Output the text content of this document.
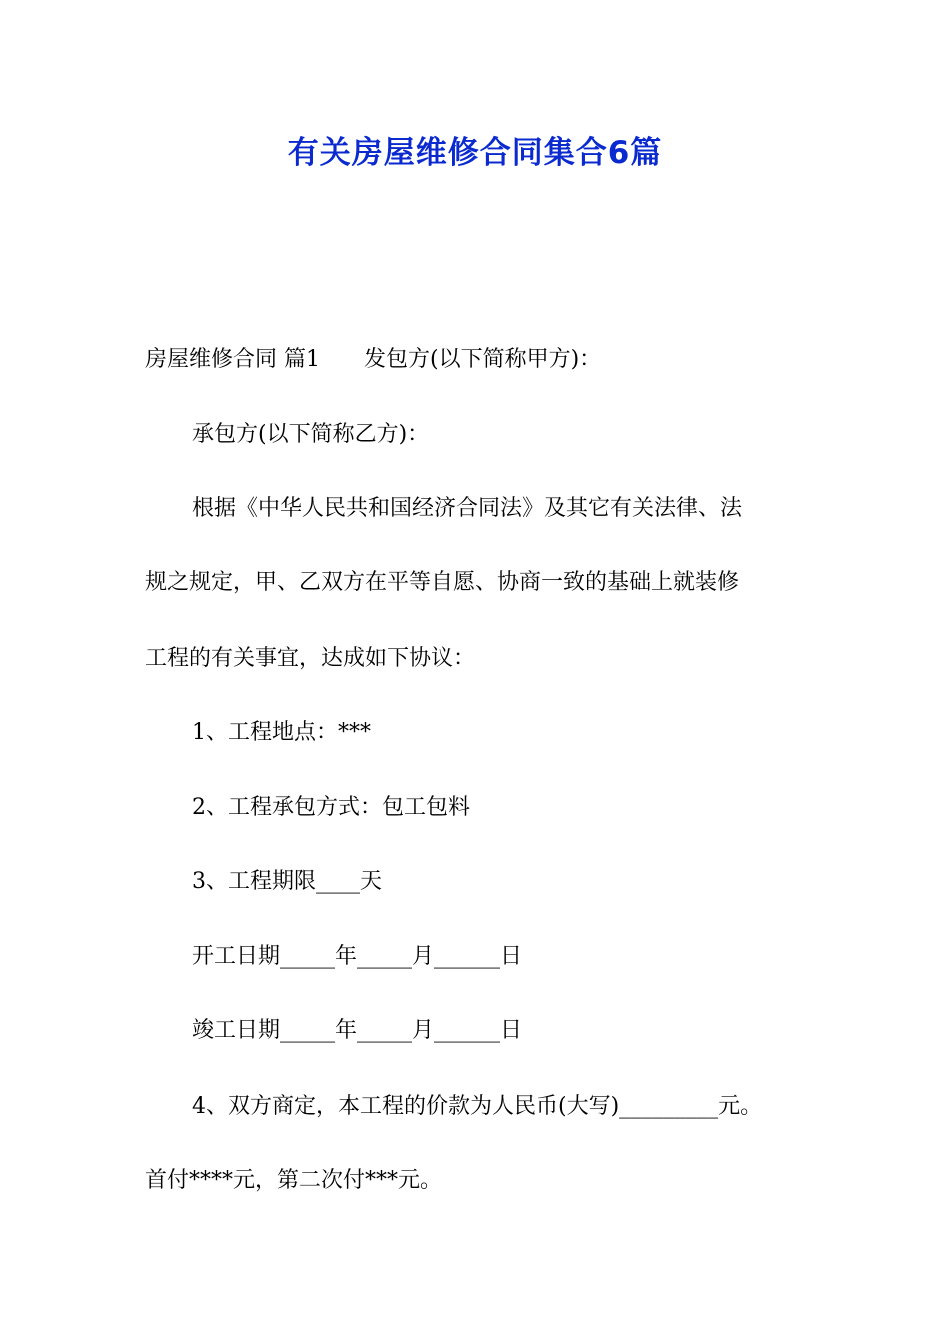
有关房屋维修合同集合6篇

房屋维修合同 篇1 发包方(以下简称甲方)：

承包方(以下简称乙方)：

根据《中华人民共和国经济合同法》及其它有关法律、法

规之规定，甲、乙双方在平等自愿、协商一致的基础上就装修

工程的有关事宜，达成如下协议：

1、工程地点：***

2、工程承包方式：包工包料

3、工程期限____天

开工日期_____年_____月______日

竣工日期_____年_____月______日

4、双方商定，本工程的价款为人民币(大写)_________元。

首付****元，第二次付***元。
